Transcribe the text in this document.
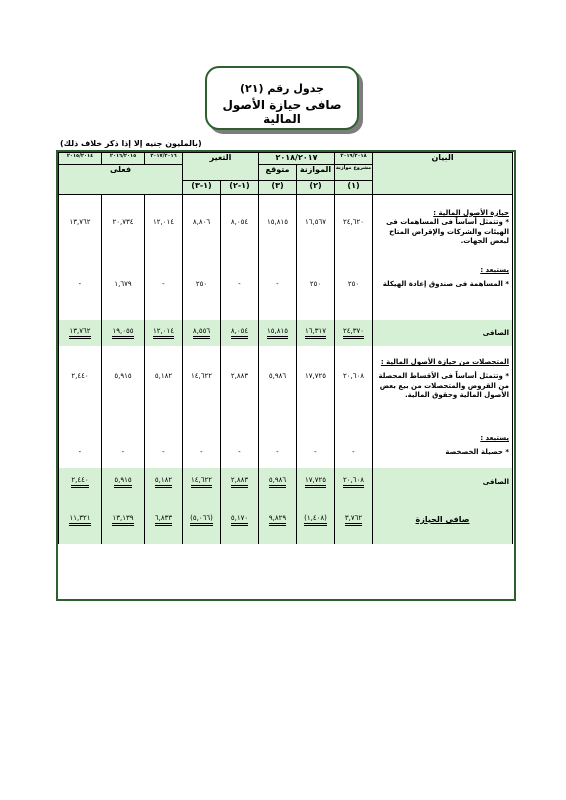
جدول رقم (٢١)
صافى حيازة الأصول المالية
(بالمليون جنيه إلا إذا ذكر خلاف ذلك)
البيان	٢٠١٩/٢٠١٨	٢٠١٨/٢٠١٧		التغير		٢٠١٧/٢٠١٦	٢٠١٦/٢٠١٥	٢٠١٥/٢٠١٤
	مشروع موازنة	الموازنة	متوقع			فعلى		
	(١)	(٢)	(٣)	(١-٢)	(١-٣)			
حيازة الأصول المالية :								
* وتتمثل أساساً فى المساهمات فى الهيئات والشركات والإقراض المتاح لبعض الجهات.	٢٤,٦٢٠	١٦,٥٦٧	١٥,٨١٥	٨,٠٥٤	٨,٨٠٦	١٢,٠١٤	٢٠,٧٣٤	١٣,٧٦٢
يستبعد :								
* المساهمة فى صندوق إعادة الهيكلة	٢٥٠	٢٥٠	-	-	٢٥٠	-	١,٦٧٩	-
الصافى	٢٤,٣٧٠	١٦,٣١٧	١٥,٨١٥	٨,٠٥٤	٨,٥٥٦	١٢,٠١٤	١٩,٠٥٥	١٣,٧٦٢
المتحصلات من حيازة الأصول المالية :								
* وتتمثل أساساً فى الأقساط المحصلة من القروض والمتحصلات من بيع بعض الأصول المالية وحقوق المالية.	٢٠,٦٠٨	١٧,٧٢٥	٥,٩٨٦	٢,٨٨٣	١٤,٦٢٢	٥,١٨٢	٥,٩١٥	٢,٤٤٠
يستبعد :								
* حصيلة الخصخصة	-	-	-	-	-	-	-	-
الصافى	٢٠,٦٠٨	١٧,٧٢٥	٥,٩٨٦	٢,٨٨٣	١٤,٦٢٢	٥,١٨٢	٥,٩١٥	٢,٤٤٠
صافى الحيازة	٣,٧٦٢	(١,٤٠٨)	٩,٨٢٩	٥,١٧٠	(٥,٠٦٦)	٦,٨٣٣	١٣,١٣٩	١١,٣٢١
